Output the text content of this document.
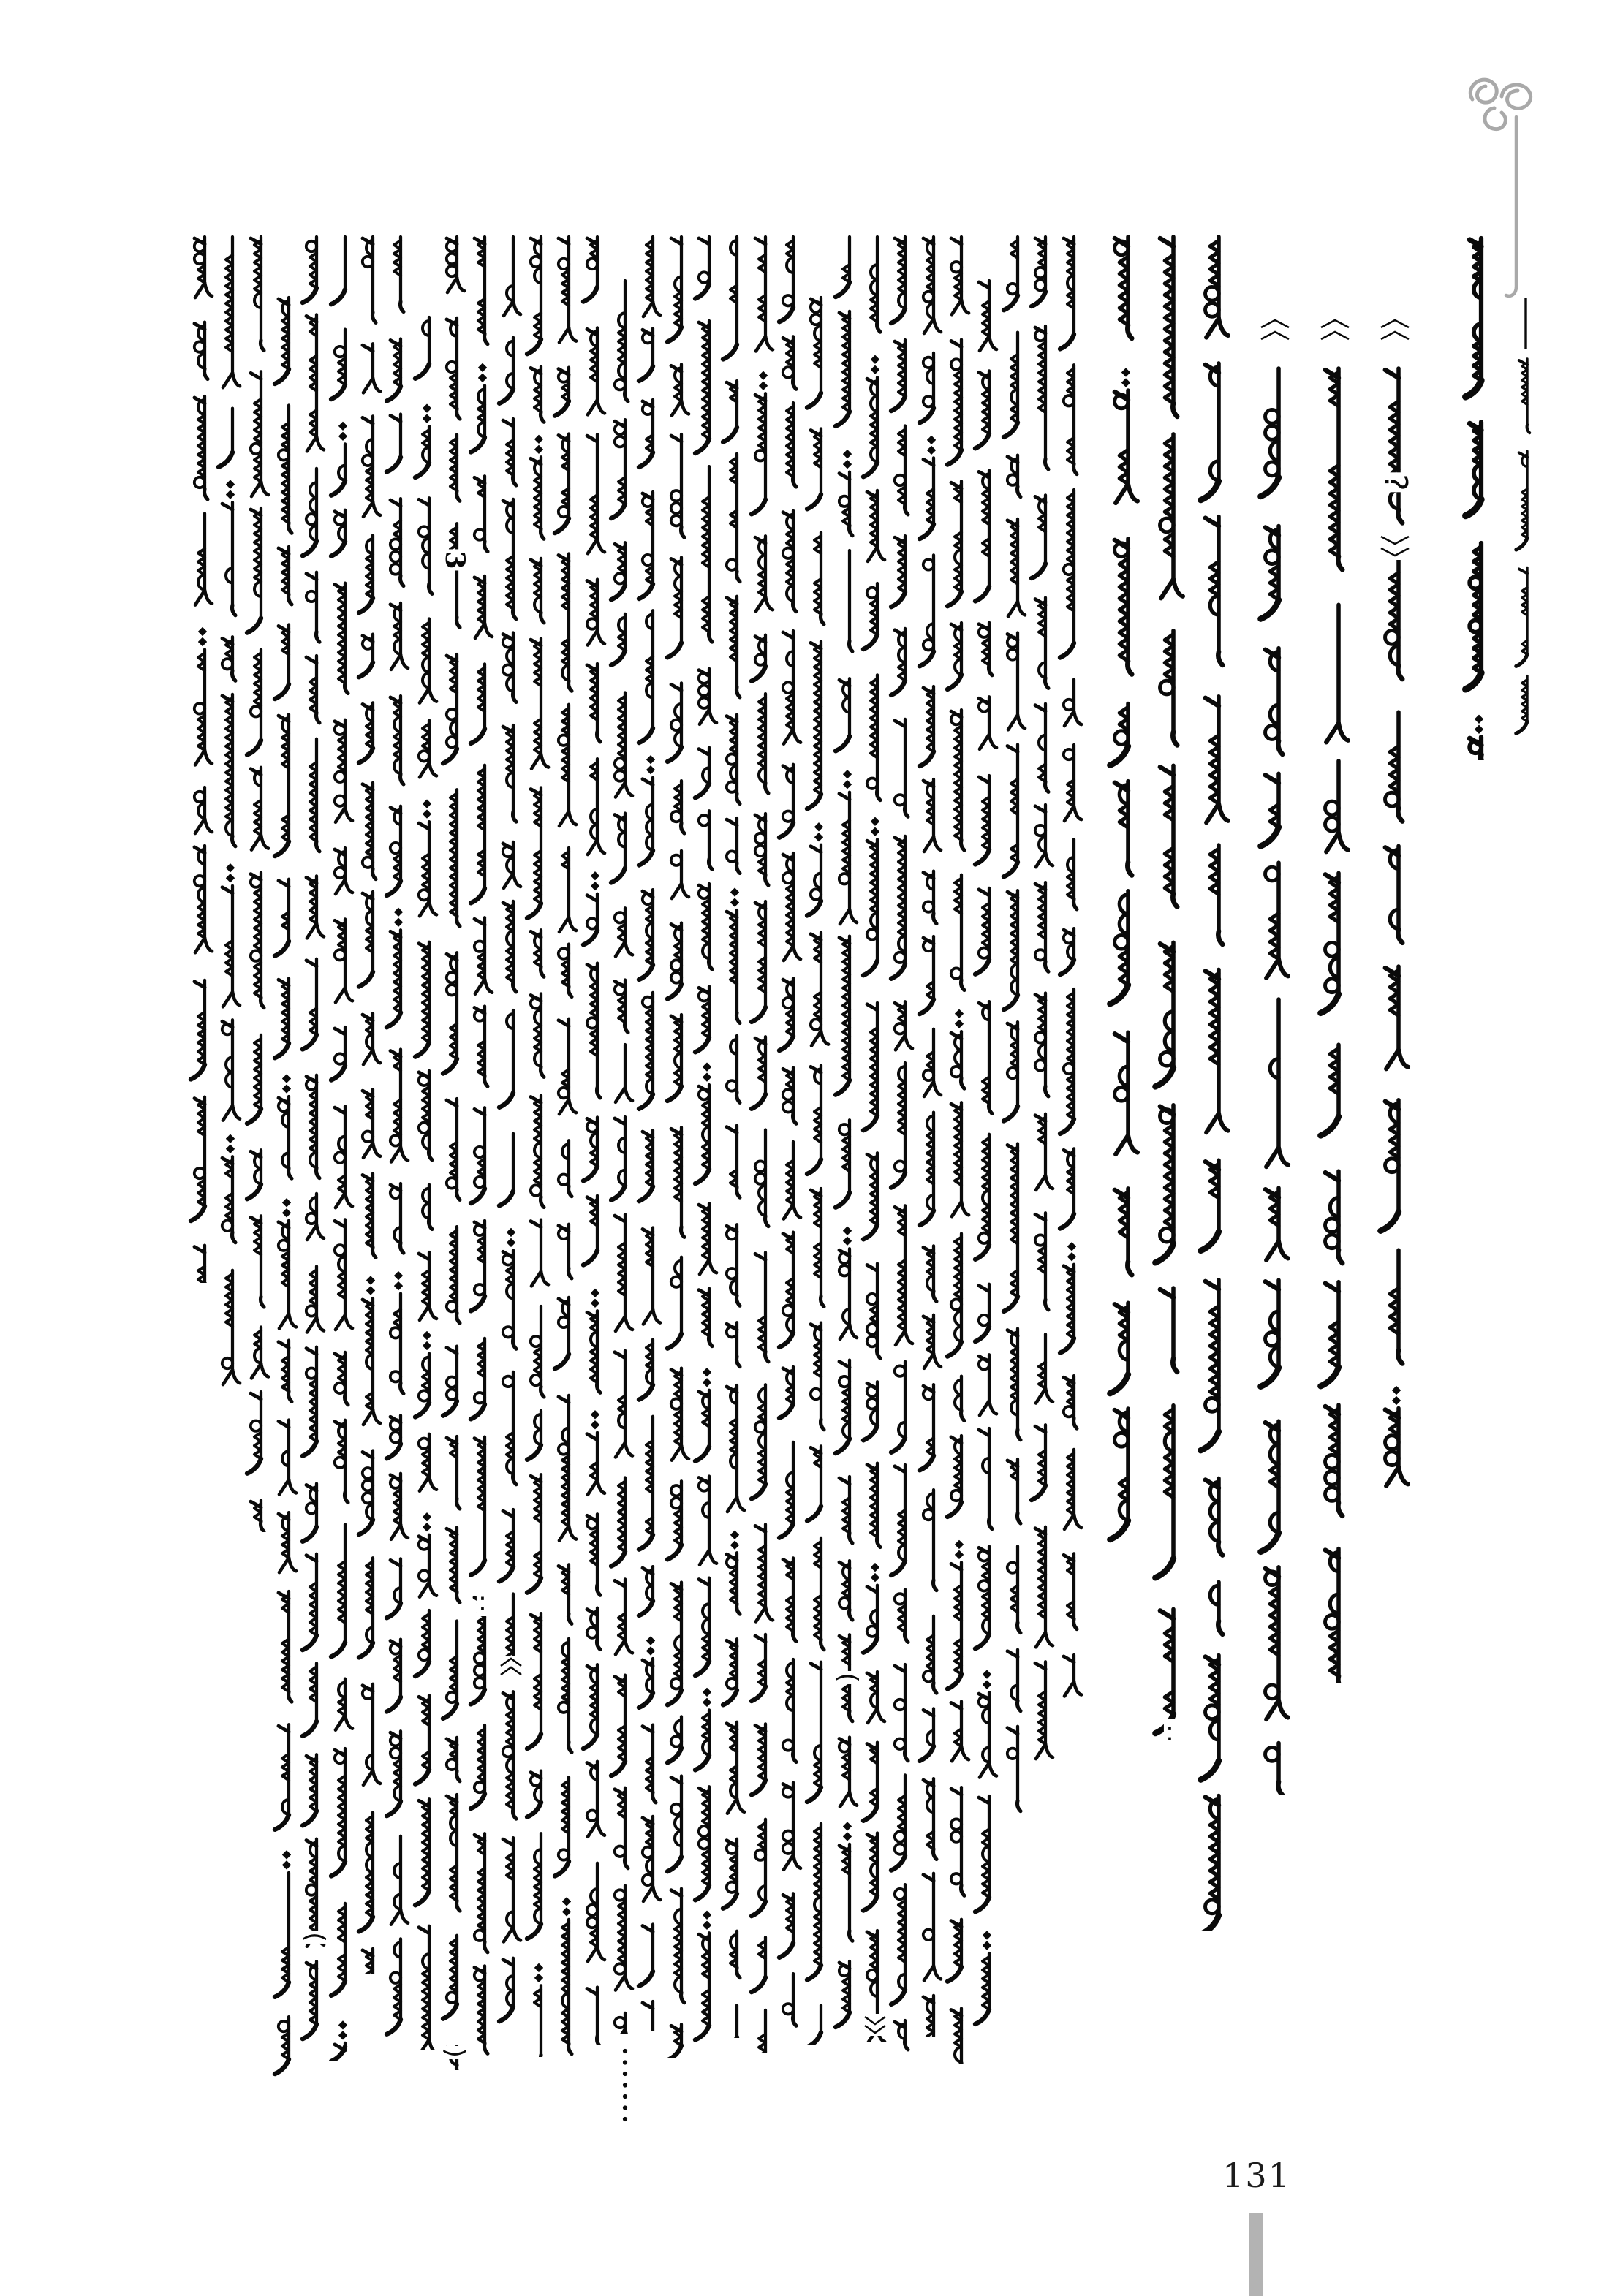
?
(
)
(
:
:
3
131
